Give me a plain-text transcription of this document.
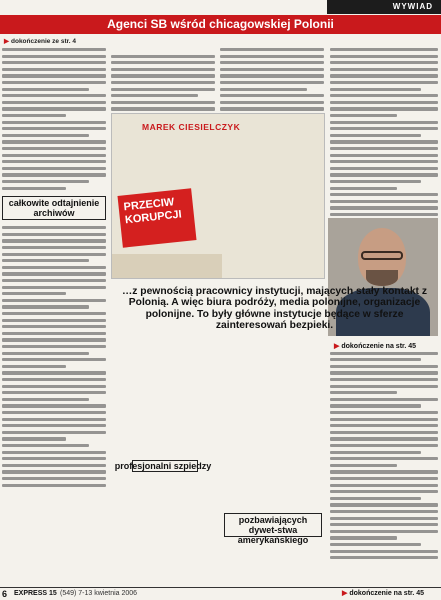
WYWIAD
Agenci SB wśród chicagowskiej Polonii
▶ dokończenie ze str. 4
całkowite odtajnienie archiwów
profesjonalni szpiedzy
pozbawiających dywet-stwa amerykańskiego
MAREK CIESIELCZYK
PRZECIW KORUPCJI
…z pewnością pracownicy instytucji, mających stały kontakt z Polonią. A więc biura podróży, media polonijne, organizacje polonijne. To były główne instytucje będące w sferze zainteresowań bezpieki.
▶ dokończenie na str. 45
6 EXPRESS 15 (549) 7-13 kwietnia 2006	▶ dokończenie na str. 45
